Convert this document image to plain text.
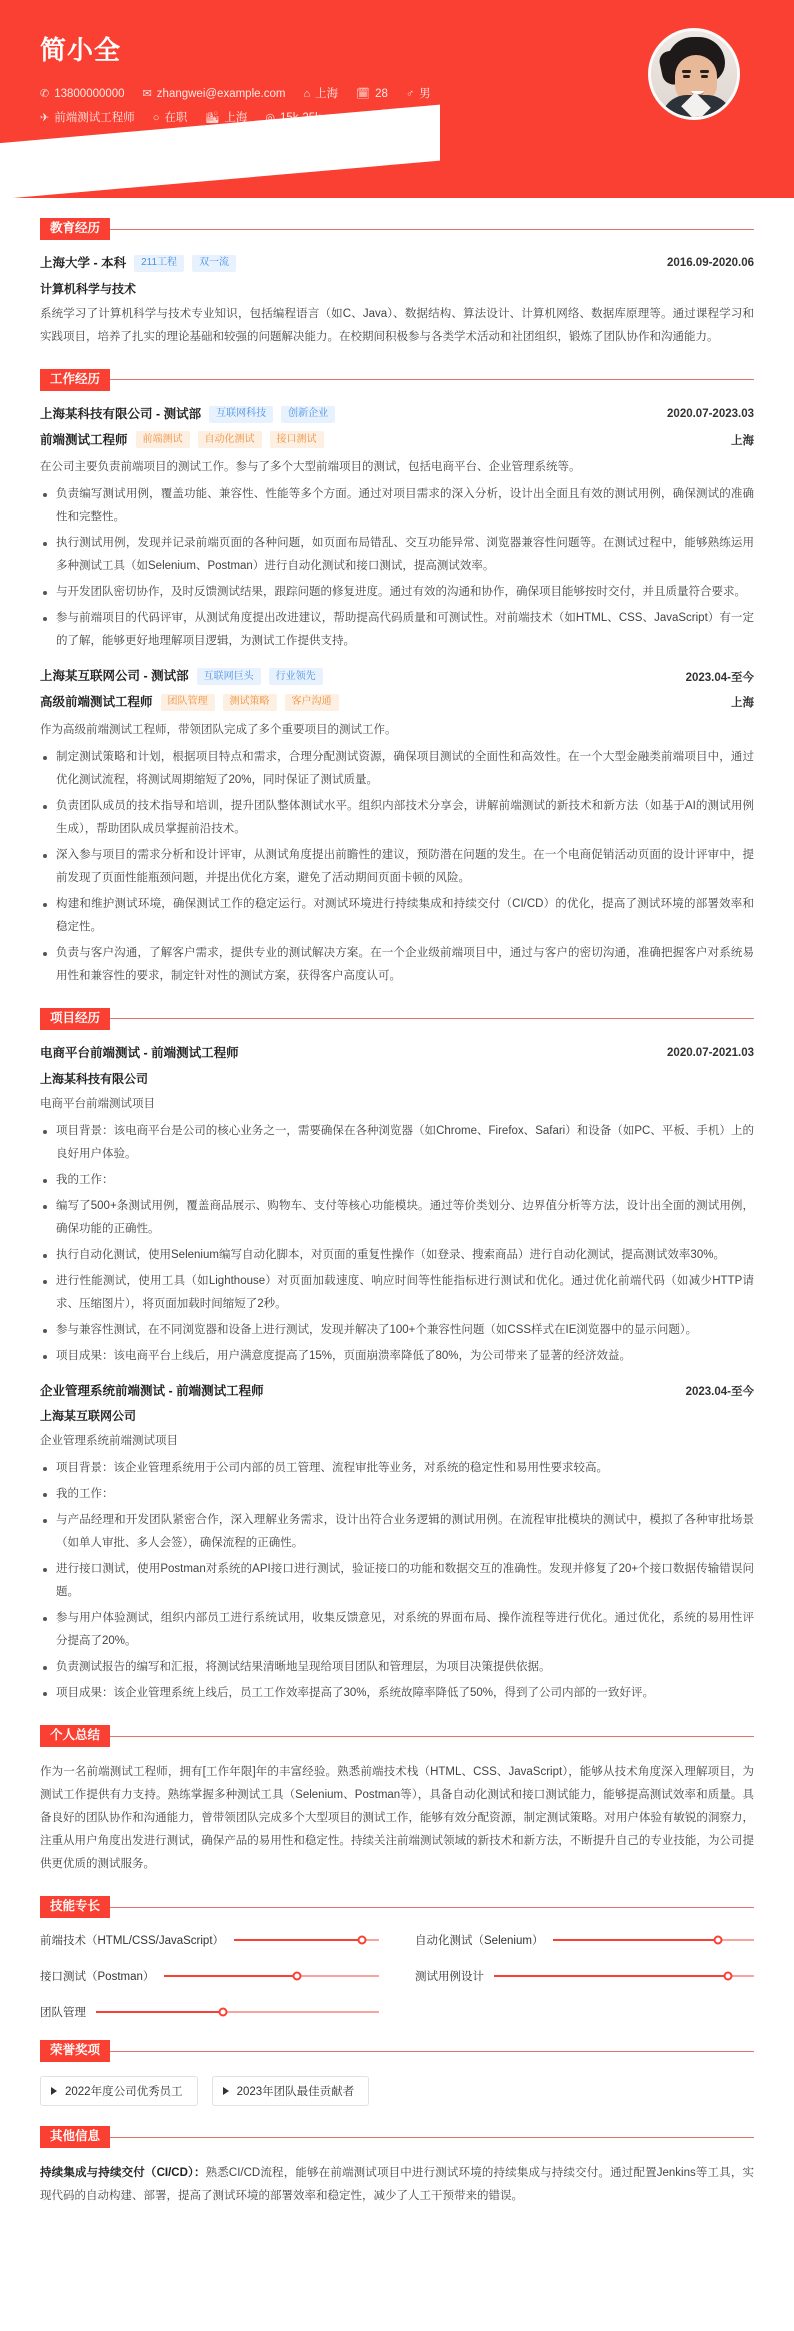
简小全
✆ 13800000000 ✉ zhangwei@example.com ⌂ 上海 🗓 28 ♂ 男
✈ 前端测试工程师 ○ 在职 🏙 上海 ◎
教育经历
上海大学 - 本科	211工程	双一流	2016.09-2020.06
计算机科学与技术
系统学习了计算机科学与技术专业知识，包括编程语言（如C、Java）、数据结构、算法设计、计算机网络、数据库原理等。通过课程学习和实践项目，培养了扎实的理论基础和较强的问题解决能力。在校期间积极参与各类学术活动和社团组织，锻炼了团队协作和沟通能力。
工作经历
上海某科技有限公司 - 测试部	互联网科技	创新企业	2020.07-2023.03
前端测试工程师	前端测试	自动化测试	接口测试	上海
在公司主要负责前端项目的测试工作。参与了多个大型前端项目的测试，包括电商平台、企业管理系统等。
负责编写测试用例，覆盖功能、兼容性、性能等多个方面。通过对项目需求的深入分析，设计出全面且有效的测试用例，确保测试的准确性和完整性。
执行测试用例，发现并记录前端页面的各种问题，如页面布局错乱、交互功能异常、浏览器兼容性问题等。在测试过程中，能够熟练运用多种测试工具（如Selenium、Postman）进行自动化测试和接口测试，提高测试效率。
与开发团队密切协作，及时反馈测试结果，跟踪问题的修复进度。通过有效的沟通和协作，确保项目能够按时交付，并且质量符合要求。
参与前端项目的代码评审，从测试角度提出改进建议，帮助提高代码质量和可测试性。对前端技术（如HTML、CSS、JavaScript）有一定的了解，能够更好地理解项目逻辑，为测试工作提供支持。
上海某互联网公司 - 测试部	互联网巨头	行业领先	2023.04-至今
高级前端测试工程师	团队管理	测试策略	客户沟通	上海
作为高级前端测试工程师，带领团队完成了多个重要项目的测试工作。
制定测试策略和计划，根据项目特点和需求，合理分配测试资源，确保项目测试的全面性和高效性。在一个大型金融类前端项目中，通过优化测试流程，将测试周期缩短了20%，同时保证了测试质量。
负责团队成员的技术指导和培训，提升团队整体测试水平。组织内部技术分享会，讲解前端测试的新技术和新方法（如基于AI的测试用例生成），帮助团队成员掌握前沿技术。
深入参与项目的需求分析和设计评审，从测试角度提出前瞻性的建议，预防潜在问题的发生。在一个电商促销活动页面的设计评审中，提前发现了页面性能瓶颈问题，并提出优化方案，避免了活动期间页面卡顿的风险。
构建和维护测试环境，确保测试工作的稳定运行。对测试环境进行持续集成和持续交付（CI/CD）的优化，提高了测试环境的部署效率和稳定性。
负责与客户沟通，了解客户需求，提供专业的测试解决方案。在一个企业级前端项目中，通过与客户的密切沟通，准确把握客户对系统易用性和兼容性的要求，制定针对性的测试方案，获得客户高度认可。
项目经历
电商平台前端测试 - 前端测试工程师	2020.07-2021.03
上海某科技有限公司
电商平台前端测试项目
项目背景：该电商平台是公司的核心业务之一，需要确保在各种浏览器（如Chrome、Firefox、Safari）和设备（如PC、平板、手机）上的良好用户体验。
我的工作：
编写了500+条测试用例，覆盖商品展示、购物车、支付等核心功能模块。通过等价类划分、边界值分析等方法，设计出全面的测试用例，确保功能的正确性。
执行自动化测试，使用Selenium编写自动化脚本，对页面的重复性操作（如登录、搜索商品）进行自动化测试，提高测试效率30%。
进行性能测试，使用工具（如Lighthouse）对页面加载速度、响应时间等性能指标进行测试和优化。通过优化前端代码（如减少HTTP请求、压缩图片），将页面加载时间缩短了2秒。
参与兼容性测试，在不同浏览器和设备上进行测试，发现并解决了100+个兼容性问题（如CSS样式在IE浏览器中的显示问题）。
项目成果：该电商平台上线后，用户满意度提高了15%，页面崩溃率降低了80%，为公司带来了显著的经济效益。
企业管理系统前端测试 - 前端测试工程师	2023.04-至今
上海某互联网公司
企业管理系统前端测试项目
项目背景：该企业管理系统用于公司内部的员工管理、流程审批等业务，对系统的稳定性和易用性要求较高。
我的工作：
与产品经理和开发团队紧密合作，深入理解业务需求，设计出符合业务逻辑的测试用例。在流程审批模块的测试中，模拟了各种审批场景（如单人审批、多人会签），确保流程的正确性。
进行接口测试，使用Postman对系统的API接口进行测试，验证接口的功能和数据交互的准确性。发现并修复了20+个接口数据传输错误问题。
参与用户体验测试，组织内部员工进行系统试用，收集反馈意见，对系统的界面布局、操作流程等进行优化。通过优化，系统的易用性评分提高了20%。
负责测试报告的编写和汇报，将测试结果清晰地呈现给项目团队和管理层，为项目决策提供依据。
项目成果：该企业管理系统上线后，员工工作效率提高了30%，系统故障率降低了50%，得到了公司内部的一致好评。
个人总结
作为一名前端测试工程师，拥有[工作年限]年的丰富经验。熟悉前端技术栈（HTML、CSS、JavaScript），能够从技术角度深入理解项目，为测试工作提供有力支持。熟练掌握多种测试工具（Selenium、Postman等），具备自动化测试和接口测试能力，能够提高测试效率和质量。具备良好的团队协作和沟通能力，曾带领团队完成多个大型项目的测试工作，能够有效分配资源，制定测试策略。对用户体验有敏锐的洞察力，注重从用户角度出发进行测试，确保产品的易用性和稳定性。持续关注前端测试领域的新技术和新方法，不断提升自己的专业技能，为公司提供更优质的测试服务。
技能专长
前端技术（HTML/CSS/JavaScript）	自动化测试（Selenium）
接口测试（Postman）	测试用例设计
团队管理
荣誉奖项
2022年度公司优秀员工	2023年团队最佳贡献者
其他信息

持续集成与持续交付（CI/CD）：熟悉CI/CD流程，能够在前端测试项目中进行测试环境的持续集成与持续交付。通过配置Jenkins等工具，实现代码的自动构建、部署，提高了测试环境的部署效率和稳定性，减少了人工干预带来的错误。
